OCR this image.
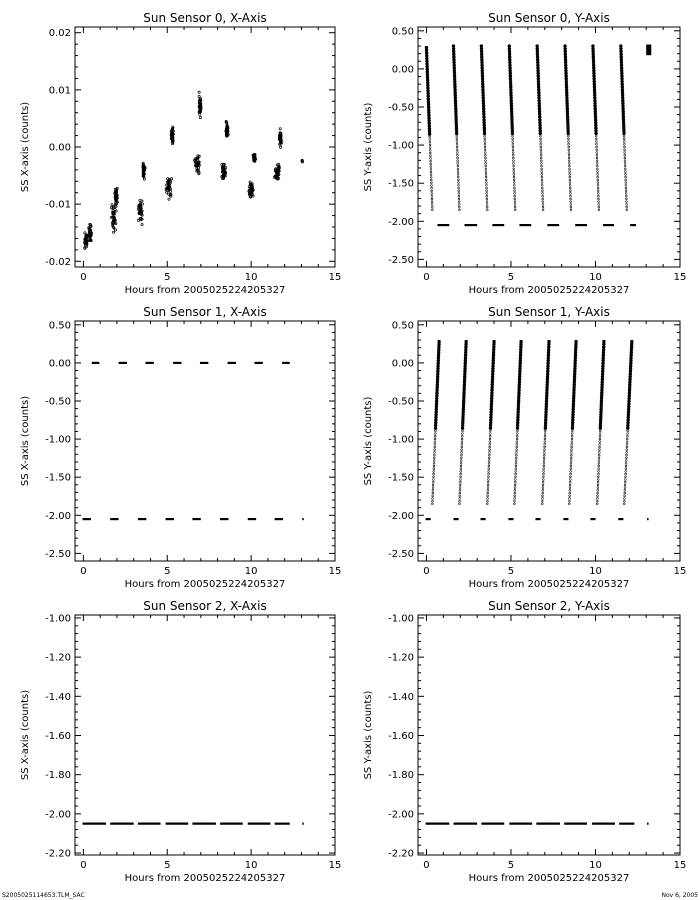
Sun Sensor 0, X-Axis
0	5	10	15
-0.02
-0.01
0.00
0.01
0.02
Hours from 2005025224205327
SS X-axis (counts)
Sun Sensor 0, Y-Axis
0	5	10	15
-2.50
-2.00
-1.50
-1.00
-0.50
0.00
0.50
Hours from 2005025224205327
SS Y-axis (counts)
Sun Sensor 1, X-Axis
0	5	10	15
-2.50
-2.00
-1.50
-1.00
-0.50
0.00
0.50
Hours from 2005025224205327
SS X-axis (counts)
Sun Sensor 1, Y-Axis
0	5	10	15
-2.50
-2.00
-1.50
-1.00
-0.50
0.00
0.50
Hours from 2005025224205327
SS Y-axis (counts)
Sun Sensor 2, X-Axis
0	5	10	15
-2.20
-2.00
-1.80
-1.60
-1.40
-1.20
-1.00
Hours from 2005025224205327
SS X-axis (counts)
Sun Sensor 2, Y-Axis
0	5	10	15
-2.20
-2.00
-1.80
-1.60
-1.40
-1.20
-1.00
Hours from 2005025224205327
SS Y-axis (counts)
S2005025114653.TLM_SAC	Nov 6, 2005
